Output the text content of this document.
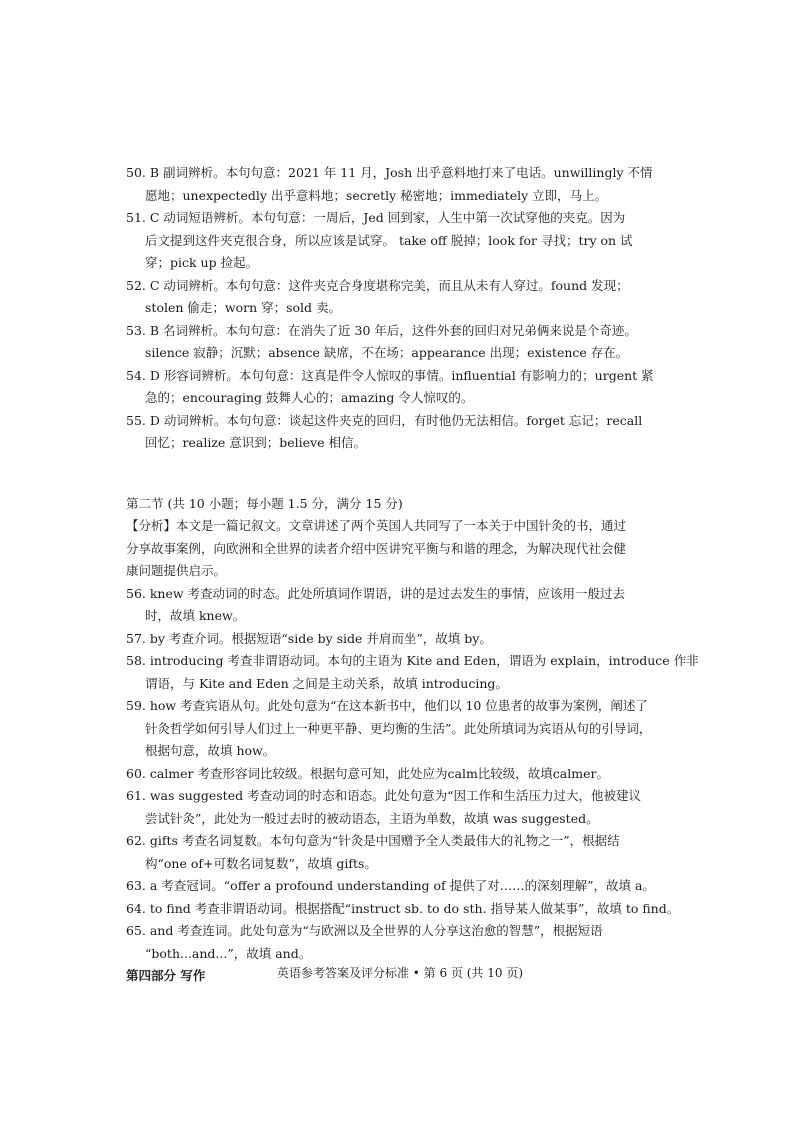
50. B 副词辨析。本句句意：2021 年 11 月，Josh 出乎意料地打来了电话。unwillingly 不情
愿地；unexpectedly 出乎意料地；secretly 秘密地；immediately 立即，马上。
51. C 动词短语辨析。本句句意：一周后，Jed 回到家，人生中第一次试穿他的夹克。因为
后文提到这件夹克很合身，所以应该是试穿。 take off 脱掉；look for 寻找；try on 试
穿；pick up 捡起。
52. C 动词辨析。本句句意：这件夹克合身度堪称完美，而且从未有人穿过。found 发现；
stolen 偷走；worn 穿；sold 卖。
53. B 名词辨析。本句句意：在消失了近 30 年后，这件外套的回归对兄弟俩来说是个奇迹。
silence 寂静；沉默；absence 缺席，不在场；appearance 出现；existence 存在。
54. D 形容词辨析。本句句意：这真是件令人惊叹的事情。influential 有影响力的；urgent 紧
急的；encouraging 鼓舞人心的；amazing 令人惊叹的。
55. D 动词辨析。本句句意：谈起这件夹克的回归，有时他仍无法相信。forget 忘记；recall
回忆；realize 意识到；believe 相信。
第二节 (共 10 小题；每小题 1.5 分，满分 15 分)
【分析】本文是一篇记叙文。文章讲述了两个英国人共同写了一本关于中国针灸的书，通过
分享故事案例，向欧洲和全世界的读者介绍中医讲究平衡与和谐的理念，为解决现代社会健
康问题提供启示。
56. knew 考查动词的时态。此处所填词作谓语，讲的是过去发生的事情，应该用一般过去
时，故填 knew。
57. by 考查介词。根据短语“side by side 并肩而坐”，故填 by。
58. introducing 考查非谓语动词。本句的主语为 Kite and Eden，谓语为 explain，introduce 作非
谓语，与 Kite and Eden 之间是主动关系，故填 introducing。
59. how 考查宾语从句。此处句意为“在这本新书中，他们以 10 位患者的故事为案例，阐述了
针灸哲学如何引导人们过上一种更平静、更均衡的生活”。此处所填词为宾语从句的引导词，
根据句意，故填 how。
60. calmer 考查形容词比较级。根据句意可知，此处应为calm比较级，故填calmer。
61. was suggested 考查动词的时态和语态。此处句意为“因工作和生活压力过大，他被建议
尝试针灸”，此处为一般过去时的被动语态，主语为单数，故填 was suggested。
62. gifts 考查名词复数。本句句意为“针灸是中国赠予全人类最伟大的礼物之一”，根据结
构“one of+可数名词复数”，故填 gifts。
63. a 考查冠词。“offer a profound understanding of 提供了对……的深刻理解”，故填 a。
64. to find 考查非谓语动词。根据搭配“instruct sb. to do sth. 指导某人做某事”，故填 to find。
65. and 考查连词。此处句意为“与欧洲以及全世界的人分享这治愈的智慧”，根据短语
“both...and...”，故填 and。
第四部分 写作	英语参考答案及评分标准 • 第 6 页 (共 10 页)
